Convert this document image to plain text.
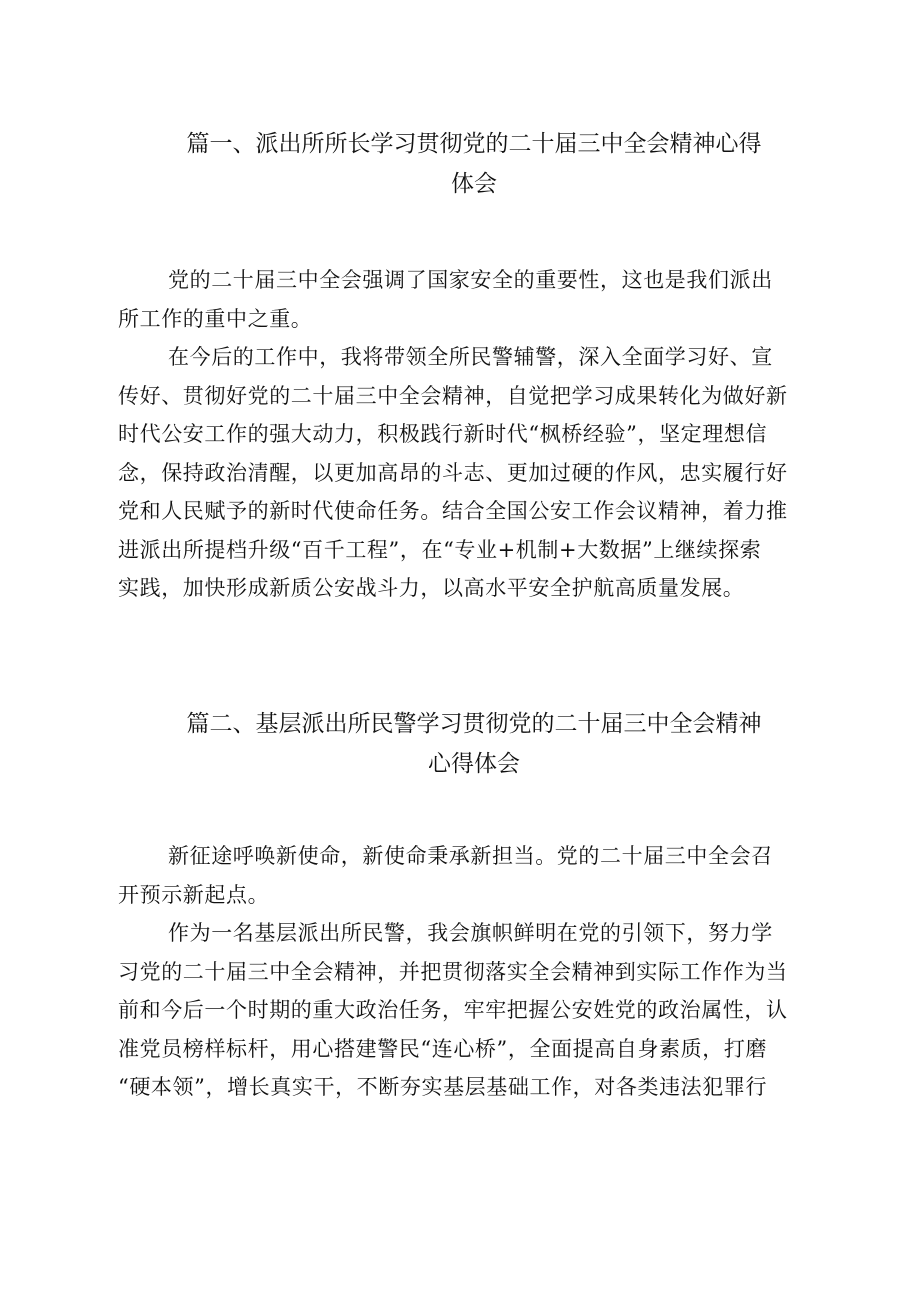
篇一、派出所所长学习贯彻党的二十届三中全会精神心得
体会

党的二十届三中全会强调了国家安全的重要性，这也是我们派出
所工作的重中之重。

在今后的工作中，我将带领全所民警辅警，深入全面学习好、宣
传好、贯彻好党的二十届三中全会精神，自觉把学习成果转化为做好新
时代公安工作的强大动力，积极践行新时代“枫桥经验”，坚定理想信
念，保持政治清醒，以更加高昂的斗志、更加过硬的作风，忠实履行好
党和人民赋予的新时代使命任务。结合全国公安工作会议精神，着力推
进派出所提档升级“百千工程”，在“专业+机制+大数据”上继续探索
实践，加快形成新质公安战斗力，以高水平安全护航高质量发展。

篇二、基层派出所民警学习贯彻党的二十届三中全会精神
心得体会

新征途呼唤新使命，新使命秉承新担当。党的二十届三中全会召
开预示新起点。

作为一名基层派出所民警，我会旗帜鲜明在党的引领下，努力学
习党的二十届三中全会精神，并把贯彻落实全会精神到实际工作作为当
前和今后一个时期的重大政治任务，牢牢把握公安姓党的政治属性，认
准党员榜样标杆，用心搭建警民“连心桥”，全面提高自身素质，打磨
“硬本领”，增长真实干，不断夯实基层基础工作，对各类违法犯罪行
